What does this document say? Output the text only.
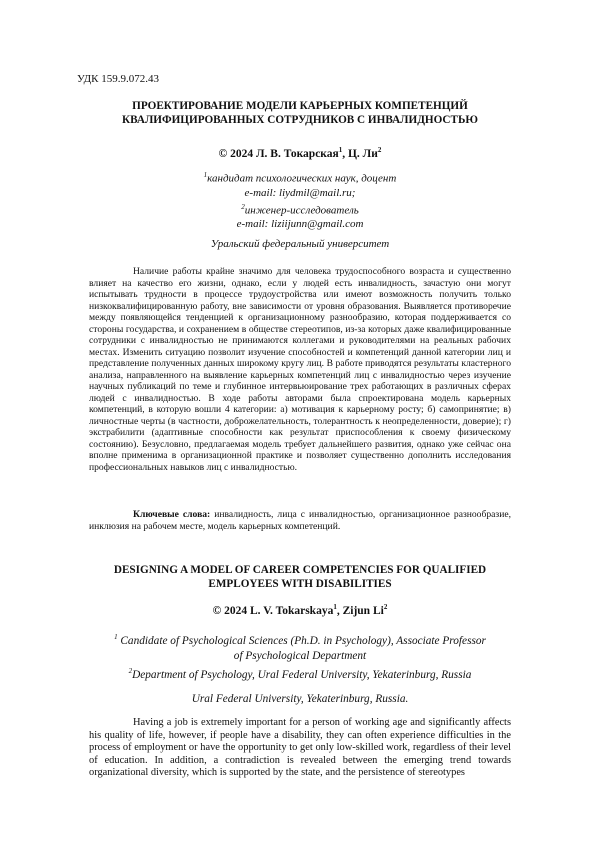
УДК 159.9.072.43
ПРОЕКТИРОВАНИЕ МОДЕЛИ КАРЬЕРНЫХ КОМПЕТЕНЦИЙ
КВАЛИФИЦИРОВАННЫХ СОТРУДНИКОВ С ИНВАЛИДНОСТЬЮ
© 2024 Л. В. Токарская$^1$, Ц. $Ли^2$
$^1$кандидат психологических наук, доцент
e-mail: liydmil@mail.ru;
$^2$инженер-исследователь
e-mail: liziijunn@gmail.com
Уральский федеральный университет

Наличие работы крайне значимо для человека трудоспособного возраста и существенно влияет на качество его жизни, однако, если у людей есть инвалидность, зачастую они могут испытывать трудности в процессе трудоустройства или имеют возможность получить только низкоквалифицированную работу, вне зависимости от уровня образования. Выявляется противоречие между появляющейся тенденцией к организационному разнообразию, которая поддерживается со стороны государства, и сохранением в обществе стереотипов, из-за которых даже квалифицированные сотрудники с инвалидностью не принимаются коллегами и руководителями на реальных рабочих местах. Изменить ситуацию позволит изучение способностей и компетенций данной категории лиц и представление полученных данных широкому кругу лиц. В работе приводятся результаты кластерного анализа, направленного на выявление карьерных компетенций лиц с инвалидностью через изучение научных публикаций по теме и глубинное интервьюирование трех работающих в различных сферах людей с инвалидностью. В ходе работы авторами была спроектирована модель карьерных компетенций, в которую вошли 4 категории: а) мотивация к карьерному росту; б) самопринятие; в) личностные черты (в частности, доброжелательность, толерантность к неопределенности, доверие); г) экстрабилити (адаптивные способности как результат приспособления к своему физическому состоянию). Безусловно, предлагаемая модель требует дальнейшего развития, однако уже сейчас она вполне применима в организационной практике и позволяет существенно дополнить исследования профессиональных навыков лиц с инвалидностью.

Ключевые слова: инвалидность, лица с инвалидностью, организационное разнообразие, инклюзия на рабочем месте, модель карьерных компетенций.
DESIGNING A MODEL OF CAREER COMPETENCIES FOR QUALIFIED
EMPLOYEES WITH DISABILITIES
© 2024 L. V. Tokarskaya$^1$, Zijun Li$^2$
$^1$ Candidate of Psychological Sciences (Ph.D. in Psychology), Associate Professor
of Psychological Department
$^2$Department of Psychology, Ural Federal University, Yekaterinburg, Russia
Ural Federal University, Yekaterinburg, Russia.

Having a job is extremely important for a person of working age and significantly affects his quality of life, however, if people have a disability, they can often experience difficulties in the process of employment or have the opportunity to get only low-skilled work, regardless of their level of education. In addition, a contradiction is revealed between the emerging trend towards organizational diversity, which is supported by the state, and the persistence of stereotypes
